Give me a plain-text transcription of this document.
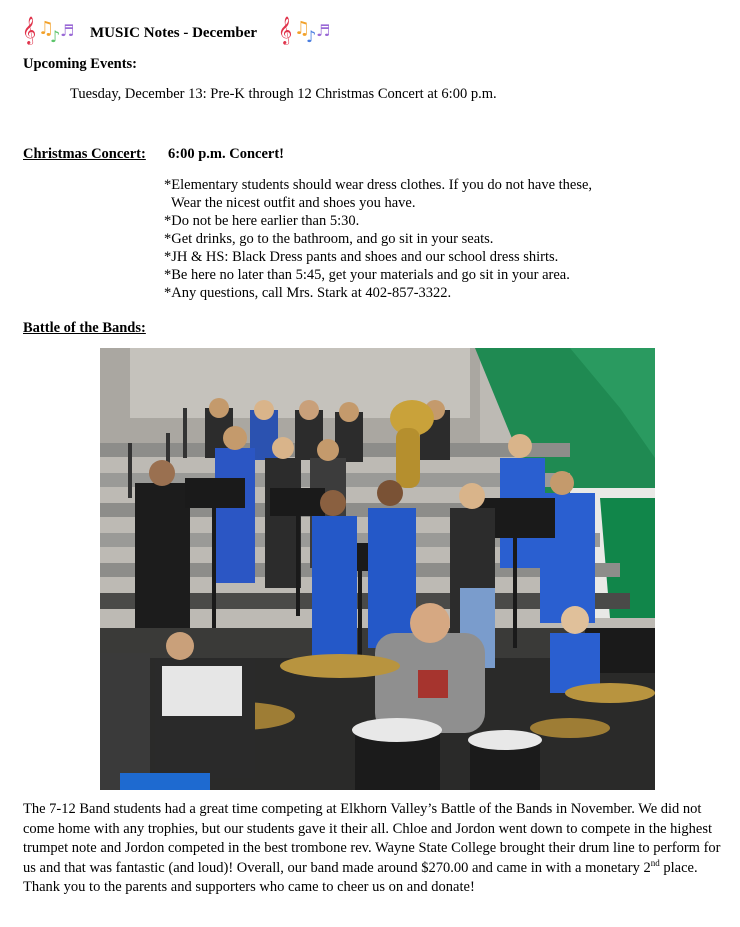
𝄞 ♫
♪ ♬ MUSIC Notes - December 𝄞 ♫
♪ ♬
Upcoming Events:
Tuesday, December 13: Pre-K through 12 Christmas Concert at 6:00 p.m.
Christmas Concert: 6:00 p.m. Concert!
*Elementary students should wear dress clothes. If you do not have these,
Wear the nicest outfit and shoes you have.
*Do not be here earlier than 5:30.
*Get drinks, go to the bathroom, and go sit in your seats.
*JH & HS: Black Dress pants and shoes and our school dress shirts.
*Be here no later than 5:45, get your materials and go sit in your area.
*Any questions, call Mrs. Stark at 402-857-3322.
Battle of the Bands:
The 7-12 Band students had a great time competing at Elkhorn Valley’s Battle of the Bands in November. We did not come home with any trophies, but our students gave it their all. Chloe and Jordon went down to compete in the highest trumpet note and Jordon competed in the best trombone rev. Wayne State College brought their drum line to perform for us and that was fantastic (and loud)! Overall, our band made around $270.00 and came in with a monetary 2nd place. Thank you to the parents and supporters who came to cheer us on and donate!
